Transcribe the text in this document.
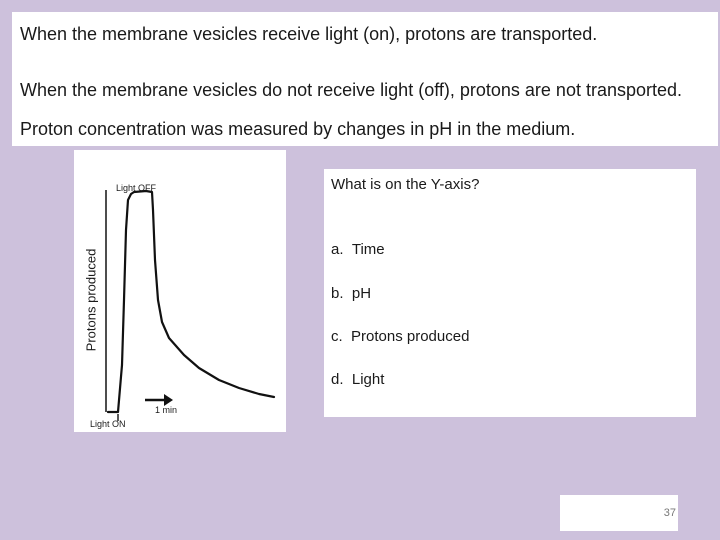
When the membrane vesicles receive light (on), protons are transported.
When the membrane vesicles do not receive light (off), protons are not transported.
Proton concentration was measured by changes in pH in the medium.
Protons produced
Light OFF
Light ON
1 min
What is on the Y-axis?
a. Time
b. pH
c. Protons produced
d. Light
37
